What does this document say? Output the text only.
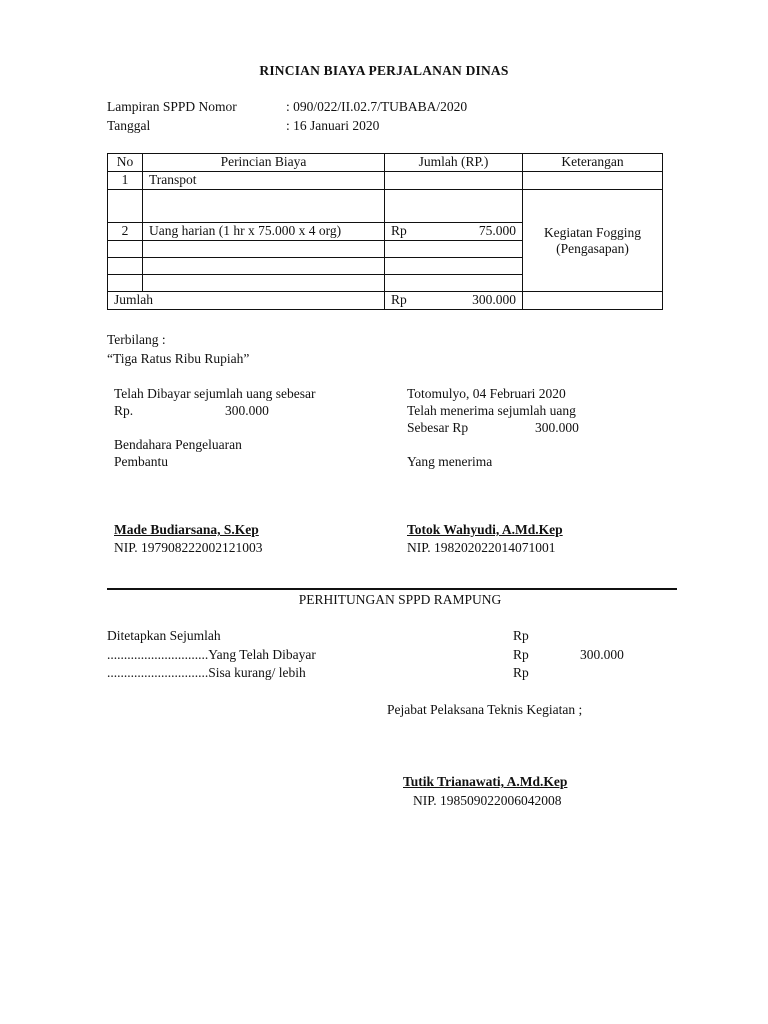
RINCIAN BIAYA PERJALANAN DINAS
Lampiran SPPD Nomor	: 090/022/II.02.7/TUBABA/2020
Tanggal	: 16 Januari 2020
No	Perincian Biaya	Jumlah (RP.)	Keterangan
1	Transpot		
			Kegiatan Fogging (Pengasapan)
2	Uang harian (1 hr x 75.000 x 4 org)	Rp 75.000	

Jumlah		Rp 300.000	

Terbilang :
“Tiga Ratus Ribu Rupiah”
Telah Dibayar sejumlah uang sebesar
Rp.	300.000
Bendahara Pengeluaran
Pembantu
Made Budiarsana, S.Kep
NIP. 197908222002121003
Totomulyo, 04 Februari 2020
Telah menerima sejumlah uang
Sebesar Rp	300.000
Yang menerima
Totok Wahyudi, A.Md.Kep
NIP. 198202022014071001
PERHITUNGAN SPPD RAMPUNG
Ditetapkan Sejumlah	Rp
..............................Yang Telah Dibayar	Rp	300.000
..............................Sisa kurang/ lebih	Rp
Pejabat Pelaksana Teknis Kegiatan ;
Tutik Trianawati, A.Md.Kep
NIP. 198509022006042008
